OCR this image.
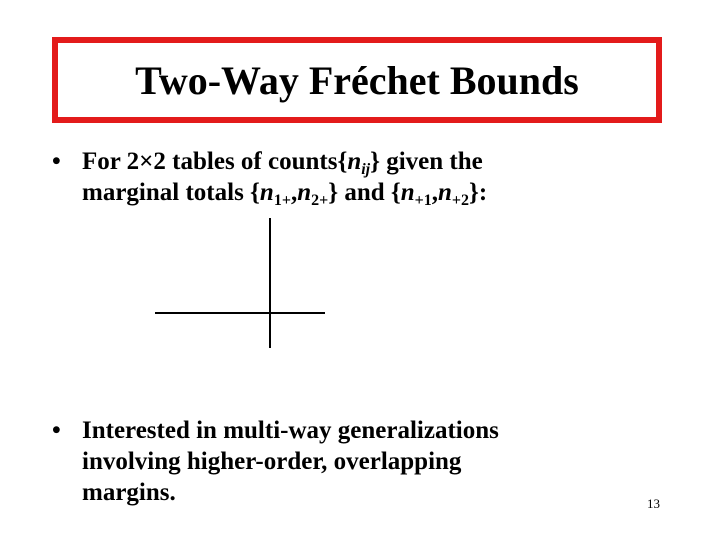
Two-Way Fréchet Bounds
• For 2×2 tables of $counts\{n_{ij}\}$ given the
marginal totals $\{n_{1+},n_{2+}\}$ and $\{n_{+1},n_{+2}\}$:
• Interested in multi-way generalizations
involving higher-order, overlapping
margins.	13
